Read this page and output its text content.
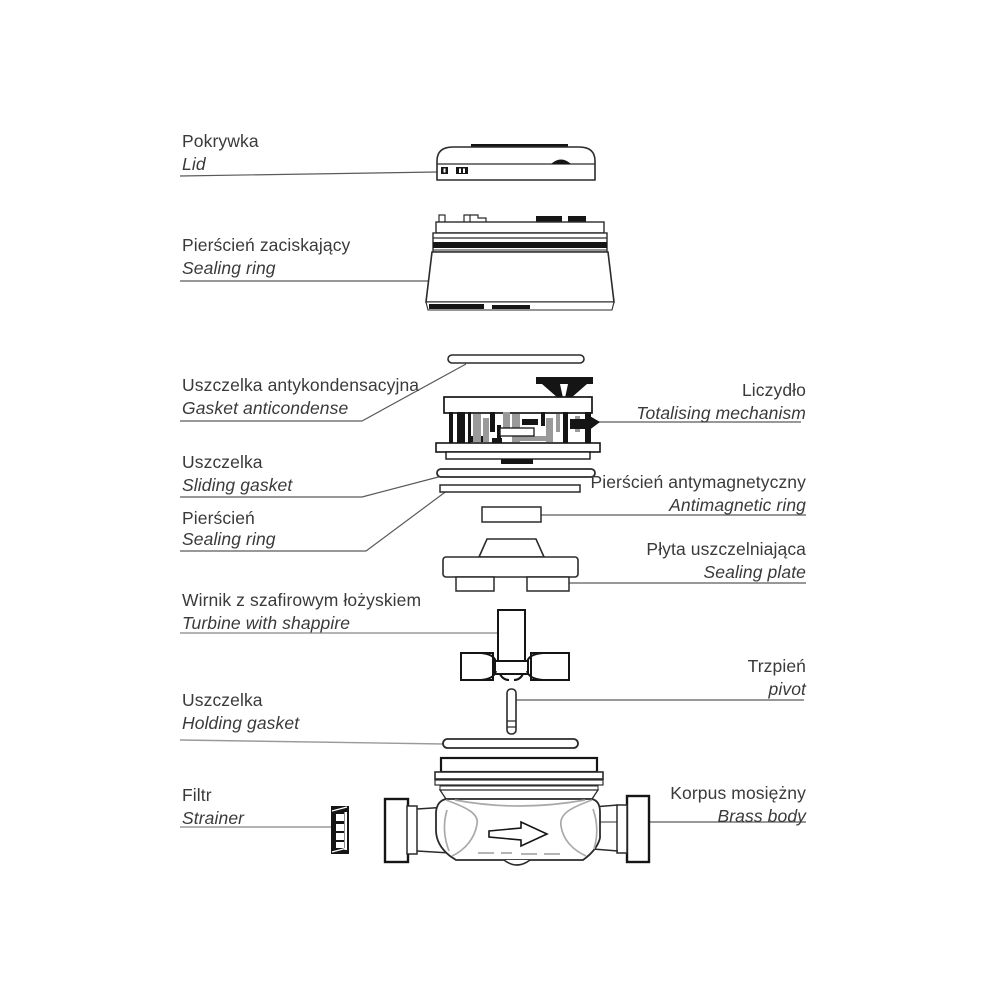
Pokrywka
Lid
Pierścień zaciskający
Sealing ring
Uszczelka antykondensacyjna
Gasket anticondense
Uszczelka
Sliding gasket
Pierścień
Sealing ring
Wirnik z szafirowym łożyskiem
Turbine with shappire
Uszczelka
Holding gasket
Filtr
Strainer
Liczydło
Totalising mechanism
Pierścień antymagnetyczny
Antimagnetic ring
Płyta uszczelniająca
Sealing plate
Trzpień
pivot
Korpus mosiężny
Brass body
